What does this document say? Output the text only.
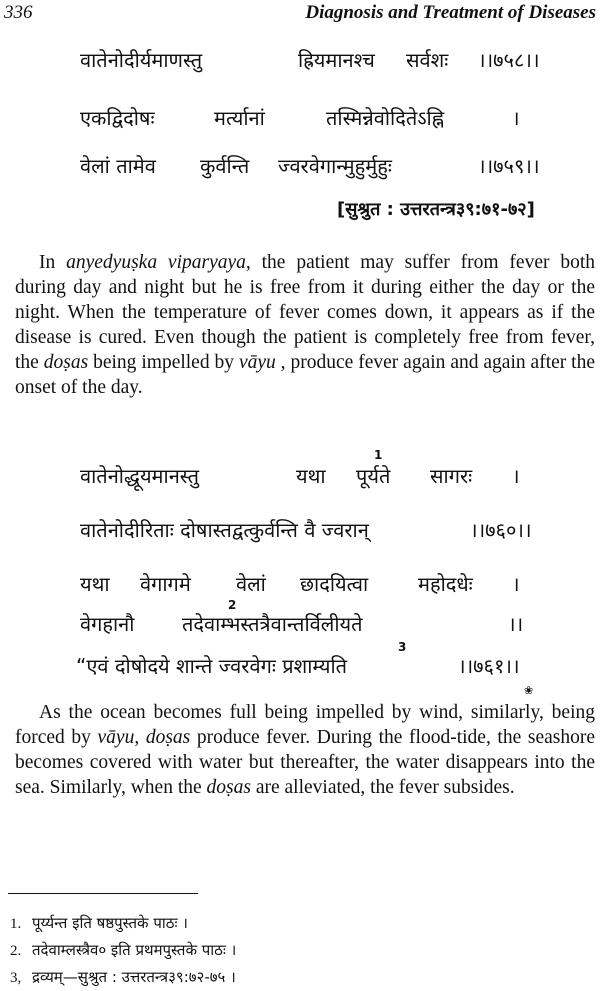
336	Diagnosis and Treatment of Diseases
वातेनोदीर्यमाणस्तु	ह्रियमानश्च सर्वशः ।।७५८।।
एकद्विदोषः	मर्त्यानां	तस्मिन्नेवोदितेऽह्नि	।
वेलां तामेव कुर्वन्ति ज्वरवेगान्मुहुर्मुहुः	।।७५९।।
[सुश्रुत : उत्तरतन्त्र३९:७१-७२]

In anyedyuṣka viparyaya, the patient may suffer from fever both during day and night but he is free from it during either the day or the night. When the temperature of fever comes down, it appears as if the disease is cured. Even though the patient is completely free from fever, the doṣas being impelled by vāyu , produce fever again and again after the onset of the day.

1
वातेनोद्धूयमानस्तु	यथा पूर्यते सागरः ।
वातेनोदीरिताः दोषास्तद्वत्कुर्वन्ति वै ज्वरान्	।।७६०।।
यथा वेगागमे वेलां छादयित्वा महोदधेः ।
2
वेगहानौ तदेवाम्भस्तत्रैवान्तर्विलीयते	।।
3
“एवं दोषोदये शान्ते ज्वरवेगः प्रशाम्यति	।।७६१।।
❀

As the ocean becomes full being impelled by wind, similarly, being forced by vāyu, doṣas produce fever. During the flood-tide, the seashore becomes covered with water but thereafter, the water disappears into the sea. Similarly, when the doṣas are alleviated, the fever subsides.

1. पूर्य्यन्त इति षष्ठपुस्तके पाठः ।
2. तदेवाम्लस्त्रैव० इति प्रथमपुस्तके पाठः ।
3, द्रव्यम्—सुश्रुत : उत्तरतन्त्र३९:७२-७५ ।
